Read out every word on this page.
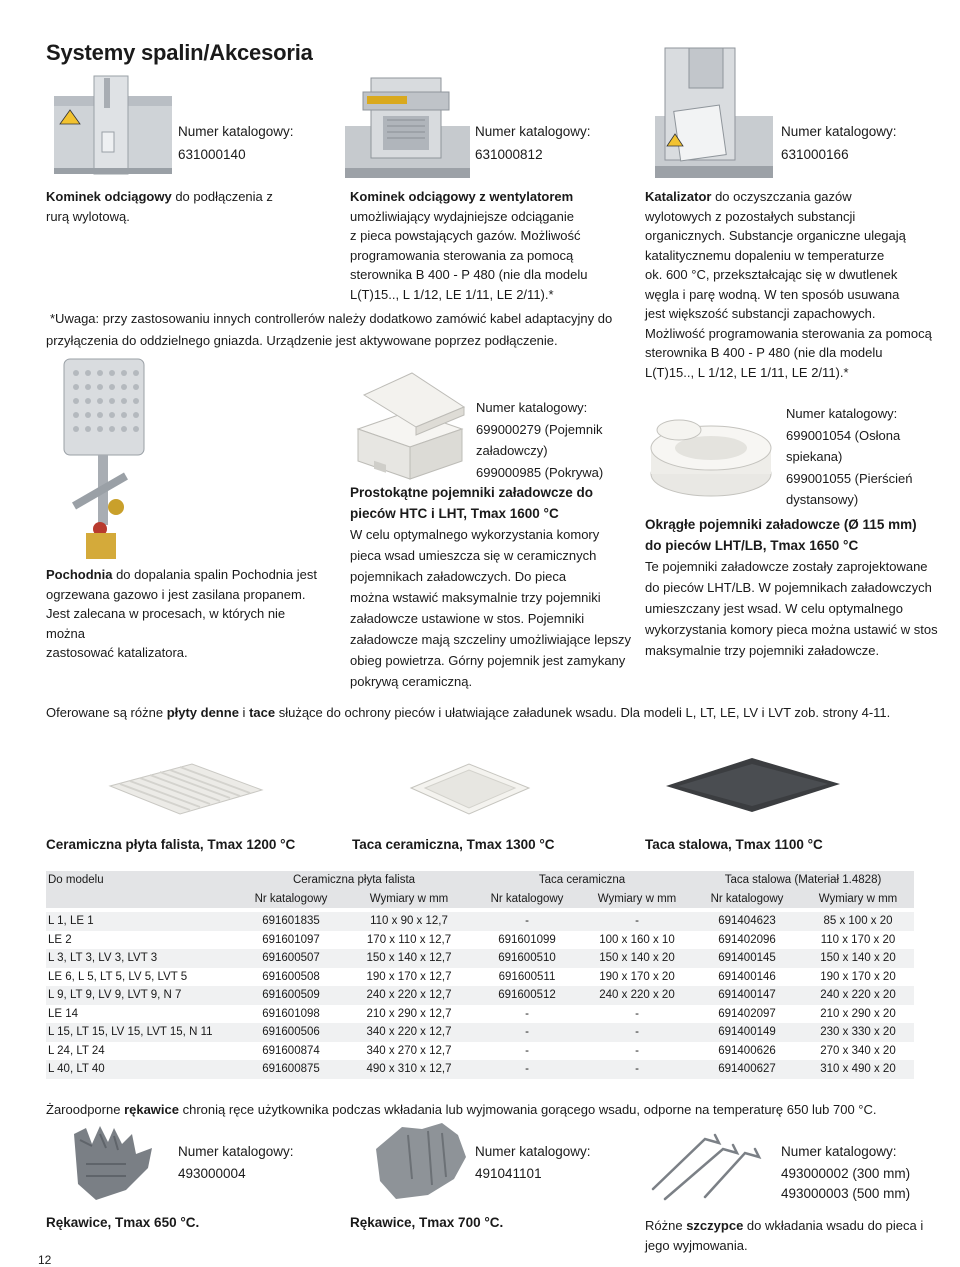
Systemy spalin/Akcesoria
Numer katalogowy:
631000140
Numer katalogowy:
631000812
Numer katalogowy:
631000166
Kominek odciągowy do podłączenia z rurą wylotową.
Kominek odciągowy z wentylatorem
umożliwiający wydajniejsze odciąganie
z pieca powstających gazów. Możliwość
programowania sterowania za pomocą
sterownika B 400 - P 480 (nie dla modelu
L(T)15.., L 1/12, LE 1/11, LE 2/11).*
Katalizator do oczyszczania gazów
wylotowych z pozostałych substancji
organicznych. Substancje organiczne ulegają
katalitycznemu dopaleniu w temperaturze
ok. 600 °C, przekształcając się w dwutlenek
węgla i parę wodną. W ten sposób usuwana
jest większość substancji zapachowych.
Możliwość programowania sterowania za pomocą
sterownika B 400 - P 480 (nie dla modelu
L(T)15.., L 1/12, LE 1/11, LE 2/11).*
*Uwaga: przy zastosowaniu innych controllerów należy dodatkowo zamówić kabel adaptacyjny do
przyłączenia do oddzielnego gniazda. Urządzenie jest aktywowane poprzez podłączenie.
Pochodnia do dopalania spalin Pochodnia jest
ogrzewana gazowo i jest zasilana propanem.
Jest zalecana w procesach, w których nie można
zastosować katalizatora.
Numer katalogowy:
699000279 (Pojemnik
załadowczy)
699000985 (Pokrywa)
Prostokątne pojemniki załadowcze do
pieców HTC i LHT, Tmax 1600 °C
W celu optymalnego wykorzystania komory
pieca wsad umieszcza się w ceramicznych
pojemnikach załadowczych. Do pieca
można wstawić maksymalnie trzy pojemniki
załadowcze ustawione w stos. Pojemniki
załadowcze mają szczeliny umożliwiające lepszy
obieg powietrza. Górny pojemnik jest zamykany
pokrywą ceramiczną.
Numer katalogowy:
699001054 (Osłona
spiekana)
699001055 (Pierścień
dystansowy)
Okrągłe pojemniki załadowcze (Ø 115 mm)
do pieców LHT/LB, Tmax 1650 °C
Te pojemniki załadowcze zostały zaprojektowane
do pieców LHT/LB. W pojemnikach załadowczych
umieszczany jest wsad. W celu optymalnego
wykorzystania komory pieca można ustawić w stos
maksymalnie trzy pojemniki załadowcze.
Oferowane są różne płyty denne i tace służące do ochrony pieców i ułatwiające załadunek wsadu. Dla modeli L, LT, LE, LV i LVT zob. strony 4-11.
Ceramiczna płyta falista, Tmax 1200 °C	Taca ceramiczna, Tmax 1300 °C	Taca stalowa, Tmax 1100 °C
Do modelu	Ceramiczna płyta falista		Taca ceramiczna		Taca stalowa (Materiał 1.4828)	
	Nr katalogowy	Wymiary w mm	Nr katalogowy	Wymiary w mm	Nr katalogowy	Wymiary w mm

L 1, LE 1	691601835	110 x 90 x 12,7	-	-	691404623	85 x 100 x 20
LE 2	691601097	170 x 110 x 12,7	691601099	100 x 160 x 10	691402096	110 x 170 x 20
L 3, LT 3, LV 3, LVT 3	691600507	150 x 140 x 12,7	691600510	150 x 140 x 20	691400145	150 x 140 x 20
LE 6, L 5, LT 5, LV 5, LVT 5	691600508	190 x 170 x 12,7	691600511	190 x 170 x 20	691400146	190 x 170 x 20
L 9, LT 9, LV 9, LVT 9, N 7	691600509	240 x 220 x 12,7	691600512	240 x 220 x 20	691400147	240 x 220 x 20
LE 14	691601098	210 x 290 x 12,7	-	-	691402097	210 x 290 x 20
L 15, LT 15, LV 15, LVT 15, N 11	691600506	340 x 220 x 12,7	-	-	691400149	230 x 330 x 20
L 24, LT 24	691600874	340 x 270 x 12,7	-	-	691400626	270 x 340 x 20
L 40, LT 40	691600875	490 x 310 x 12,7	-	-	691400627	310 x 490 x 20
Żaroodporne rękawice chronią ręce użytkownika podczas wkładania lub wyjmowania gorącego wsadu, odporne na temperaturę 650 lub 700 °C.
Numer katalogowy:
493000004
Numer katalogowy:
491041101
Numer katalogowy:
493000002 (300 mm)
493000003 (500 mm)
Rękawice, Tmax 650 °C.	Rękawice, Tmax 700 °C.	Różne szczypce do wkładania wsadu do pieca i
jego wyjmowania.
12
